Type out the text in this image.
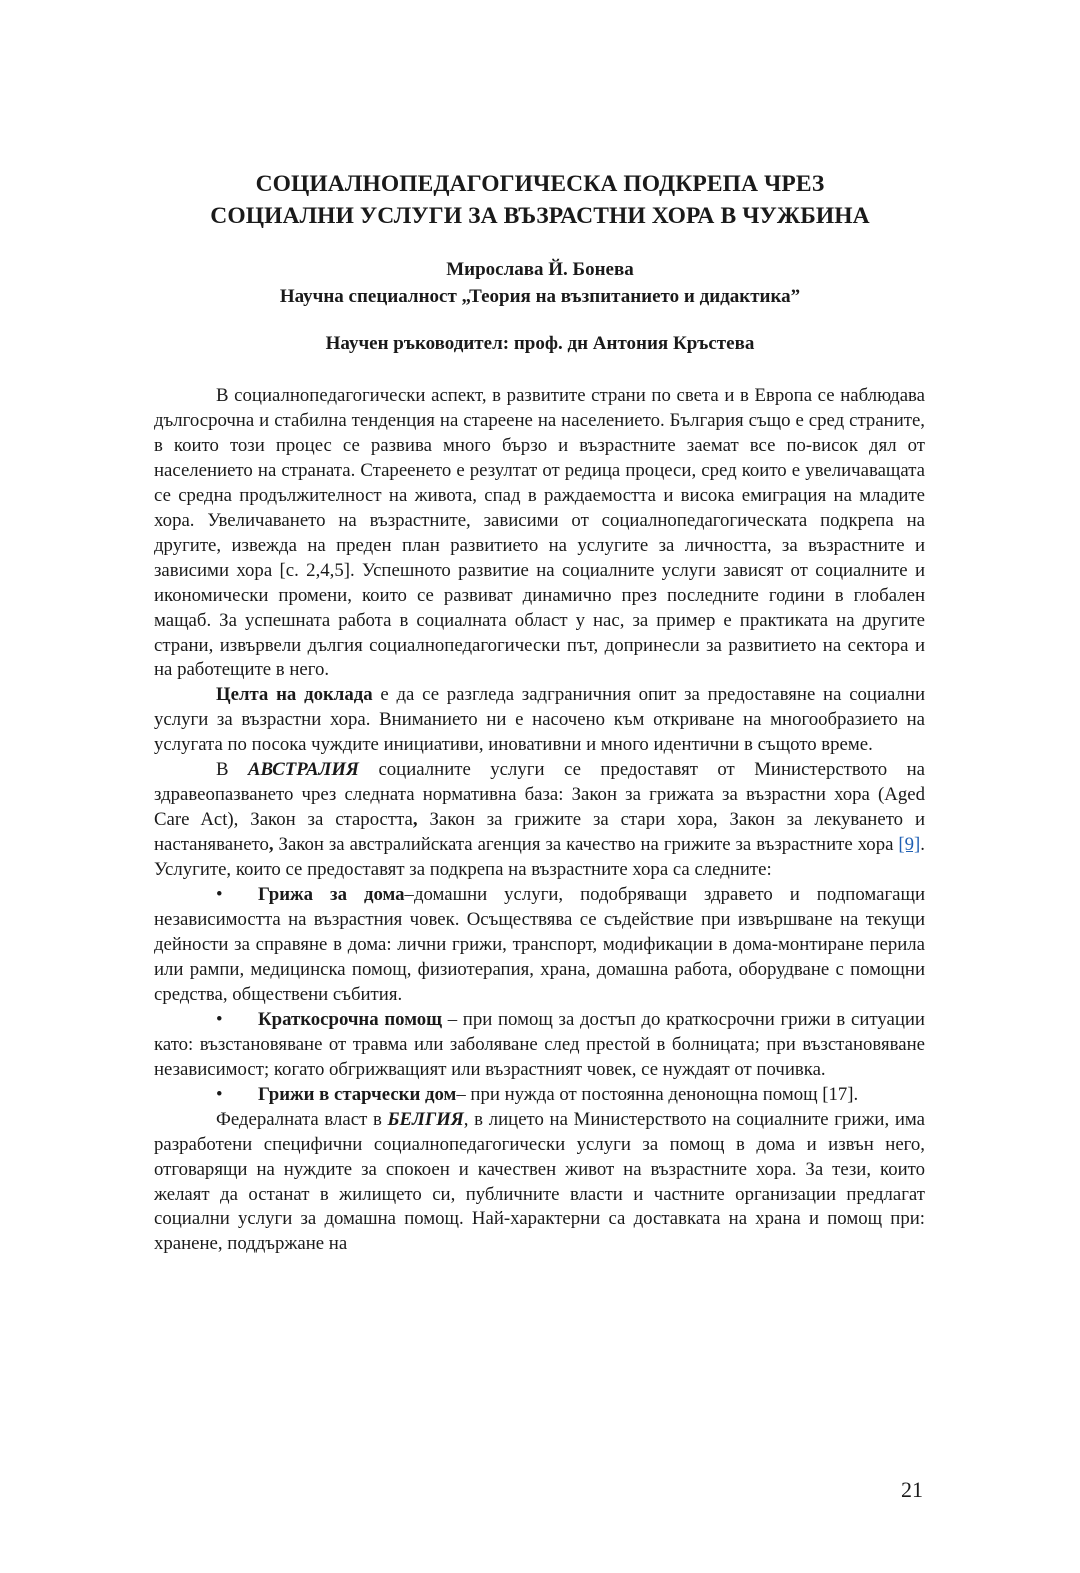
СОЦИАЛНОПЕДАГОГИЧЕСКА ПОДКРЕПА ЧРЕЗ
СОЦИАЛНИ УСЛУГИ ЗА ВЪЗРАСТНИ ХОРА В ЧУЖБИНА

Мирослава Й. Бонева

Научна специалност „Теория на възпитанието и дидактика”

Научен ръководител: проф. дн Антония Кръстева

В социалнопедагогически аспект, в развитите страни по света и в Европа се наблюдава дългосрочна и стабилна тенденция на стареене на населението. България също е сред страните, в които този процес се развива много бързо и възрастните заемат все по-висок дял от населението на страната. Стареенето е резултат от редица процеси, сред които е увеличаващата се средна продължителност на живота, спад в раждаемостта и висока емиграция на младите хора. Увеличаването на възрастните, зависими от социалнопедагогическата подкрепа на другите, извежда на преден план развитието на услугите за личността, за възрастните и зависими хора [с. 2,4,5]. Успешното развитие на социалните услуги зависят от социалните и икономически промени, които се развиват динамично през последните години в глобален мащаб. За успешната работа в социалната област у нас, за пример е практиката на другите страни, извървели дългия социалнопедагогически път, допринесли за развитието на сектора и на работещите в него.

Целта на доклада е да се разгледа задграничния опит за предоставяне на социални услуги за възрастни хора. Вниманието ни е насочено към откриване на многообразието на услугата по посока чуждите инициативи, иновативни и много идентични в същото време.

В АВСТРАЛИЯ социалните услуги се предоставят от Министерството на здравеопазването чрез следната нормативна база: Закон за грижата за възрастни хора (Aged Care Act), Закон за старостта, Закон за грижите за стари хора, Закон за лекуването и настаняването, Закон за австралийската агенция за качество на грижите за възрастните хора [9]. Услугите, които се предоставят за подкрепа на възрастните хора са следните:

• Грижа за дома–домашни услуги, подобряващи здравето и подпомагащи независимостта на възрастния човек. Осъществява се съдействие при извършване на текущи дейности за справяне в дома: лични грижи, транспорт, модификации в дома-монтиране перила или рампи, медицинска помощ, физиотерапия, храна, домашна работа, оборудване с помощни средства, обществени събития.
• Краткосрочна помощ – при помощ за достъп до краткосрочни грижи в ситуации като: възстановяване от травма или заболяване след престой в болницата; при възстановяване независимост; когато обгрижващият или възрастният човек, се нуждаят от почивка.
• Грижи в старчески дом– при нужда от постоянна денонощна помощ [17].

Федералната власт в БЕЛГИЯ, в лицето на Министерството на социалните грижи, има разработени специфични социалнопедагогически услуги за помощ в дома и извън него, отговарящи на нуждите за спокоен и качествен живот на възрастните хора. За тези, които желаят да останат в жилището си, публичните власти и частните организации предлагат социални услуги за домашна помощ. Най-характерни са доставката на храна и помощ при: хранене, поддържане на

21
